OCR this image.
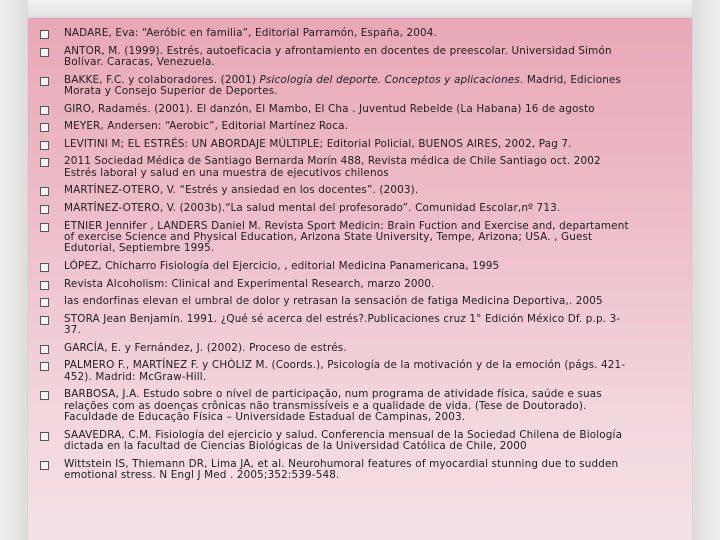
NADARE, Eva: “Aeróbic en familia”, Editorial Parramón, España, 2004.
ANTOR, M. (1999). Estrés, autoeficacia y afrontamiento en docentes de preescolar. Universidad Simón Bolívar. Caracas, Venezuela.
BAKKE, F.C. y colaboradores. (2001) Psicología del deporte. Conceptos y aplicaciones. Madrid, Ediciones Morata y Consejo Superior de Deportes.
GIRO, Radamés. (2001). El danzón, El Mambo, El Cha . Juventud Rebelde (La Habana) 16 de agosto
MEYER, Andersen: “Aerobic”, Editorial Martínez Roca.
LEVITINI M; EL ESTRÉS: UN ABORDAJE MÚLTIPLE; Editorial Policial, BUENOS AIRES, 2002, Pag 7.
2011 Sociedad Médica de Santiago Bernarda Morín 488, Revista médica de Chile Santiago oct. 2002 Estrés laboral y salud en una muestra de ejecutivos chilenos
MARTÍNEZ-OTERO, V. “Estrés y ansiedad en los docentes”. (2003).
MARTÍNEZ-OTERO, V. (2003b).“La salud mental del profesorado”. Comunidad Escolar,nº 713.
ETNIER Jennifer , LANDERS Daniel M. Revista Sport Medicin: Brain Fuction and Exercise and, departament of exercise Science and Physical Education, Arizona State University, Tempe, Arizona; USA. , Guest Edutorial, Septiembre 1995.
LÓPEZ, Chicharro Fisiología del Ejercicio, , editorial Medicina Panamericana, 1995
Revista Alcoholism: Clinical and Experimental Research, marzo 2000.
las endorfinas elevan el umbral de dolor y retrasan la sensación de fatiga Medicina Deportiva,. 2005
STORA Jean Benjamín. 1991. ¿Qué sé acerca del estrés?.Publicaciones cruz 1° Edición México Df. p.p. 3-37.
GARCÍA, E. y Fernández, J. (2002). Proceso de estrés.
PALMERO F., MARTÍNEZ F. y CHÓLIZ M. (Coords.), Psicología de la motivación y de la emoción (págs. 421-452). Madrid: McGraw-Hill.
BARBOSA, J.A. Estudo sobre o nível de participação, num programa de atividade física, saúde e suas relações com as doenças crônicas não transmissíveis e a qualidade de vida. (Tese de Doutorado). Faculdade de Educação Física – Universidade Estadual de Campinas, 2003.
SAAVEDRA, C.M. Fisiología del ejercicio y salud. Conferencia mensual de la Sociedad Chilena de Biología dictada en la facultad de Ciencias Biológicas de la Universidad Católica de Chile, 2000
Wittstein IS, Thiemann DR, Lima JA, et al. Neurohumoral features of myocardial stunning due to sudden emotional stress. N Engl J Med . 2005;352:539-548.
